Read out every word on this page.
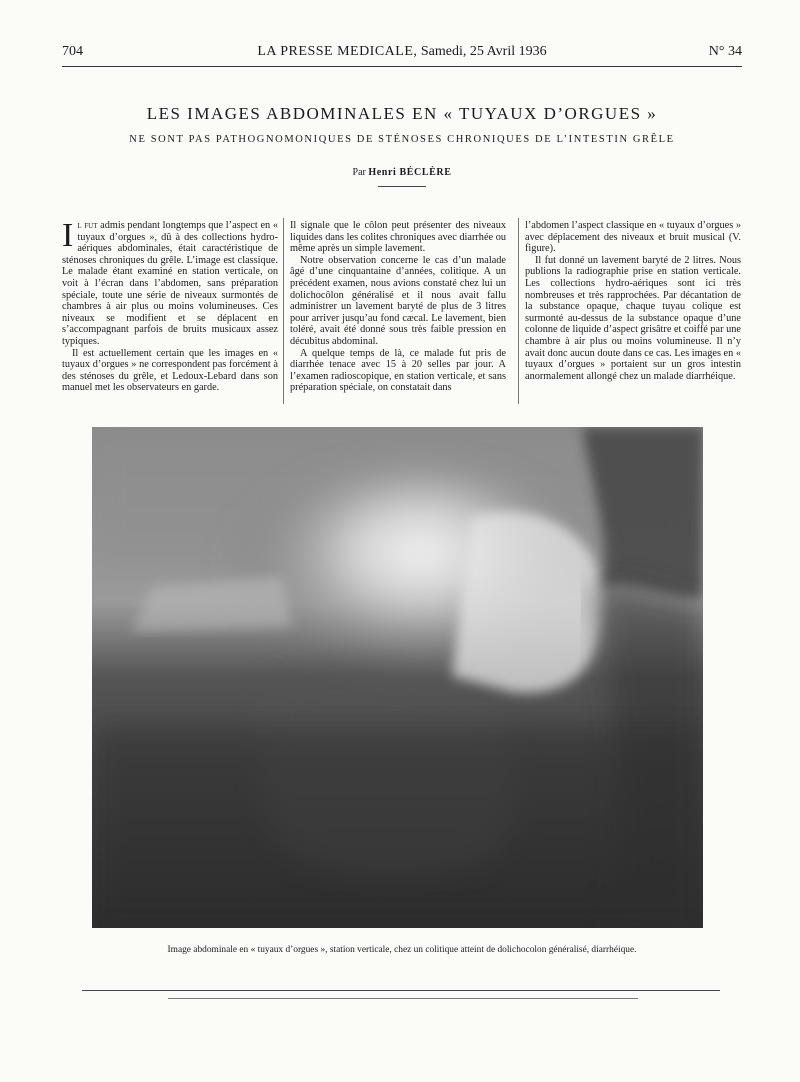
704	LA PRESSE MEDICALE, Samedi, 25 Avril 1936	N° 34
LES IMAGES ABDOMINALES EN « TUYAUX D’ORGUES »
NE SONT PAS PATHOGNOMONIQUES DE STÉNOSES CHRONIQUES DE L’INTESTIN GRÊLE
Par Henri BÉCLÈRE

Il fut admis pendant longtemps que l’aspect en « tuyaux d’orgues », dû à des collections hydro-aériques abdominales, était caractéristique de sténoses chroniques du grêle. L’image est classique. Le malade étant examiné en station verticale, on voit à l’écran dans l’abdomen, sans préparation spéciale, toute une série de niveaux surmontés de chambres à air plus ou moins volumineuses. Ces niveaux se modifient et se déplacent en s’accompagnant parfois de bruits musicaux assez typiques.

Il est actuellement certain que les images en « tuyaux d’orgues » ne correspondent pas forcément à des sténoses du grêle, et Ledoux-Lebard dans son manuel met les observateurs en garde.

Il signale que le côlon peut présenter des niveaux liquides dans les colites chroniques avec diarrhée ou même après un simple lavement.

Notre observation concerne le cas d’un malade âgé d’une cinquantaine d’années, colitique. A un précédent examen, nous avions constaté chez lui un dolichocôlon généralisé et il nous avait fallu administrer un lavement baryté de plus de 3 litres pour arriver jusqu’au fond cæcal. Le lavement, bien toléré, avait été donné sous très faible pression en décubitus abdominal.

A quelque temps de là, ce malade fut pris de diarrhée tenace avec 15 à 20 selles par jour. A l’examen radioscopique, en station verticale, et sans préparation spéciale, on constatait dans

l’abdomen l’aspect classique en « tuyaux d’orgues » avec déplacement des niveaux et bruit musical (V. figure).

Il fut donné un lavement baryté de 2 litres. Nous publions la radiographie prise en station verticale. Les collections hydro-aériques sont ici très nombreuses et très rapprochées. Par décantation de la substance opaque, chaque tuyau colique est surmonté au-dessus de la substance opaque d’une colonne de liquide d’aspect grisâtre et coiffé par une chambre à air plus ou moins volumineuse. Il n’y avait donc aucun doute dans ce cas. Les images en « tuyaux d’orgues » portaient sur un gros intestin anormalement allongé chez un malade diarrhéique.

Image abdominale en « tuyaux d’orgues », station verticale, chez un colitique atteint de dolichocolon généralisé, diarrhéique.
